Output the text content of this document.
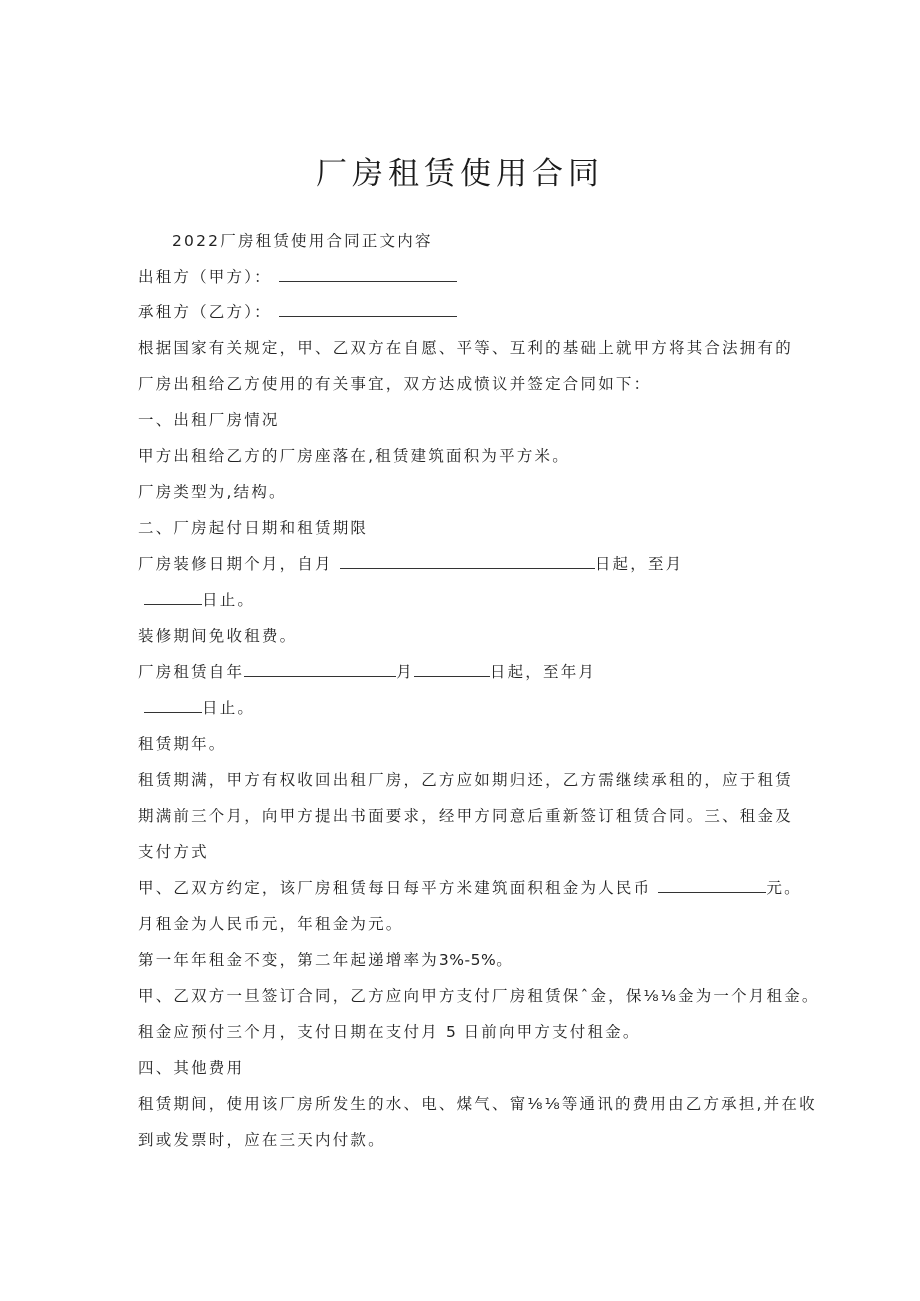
厂房租赁使用合同
2022厂房租赁使用合同正文内容
出租方（甲方）：
承租方（乙方）：
根据国家有关规定，甲、乙双方在自愿、平等、互利的基础上就甲方将其合法拥有的
厂房出租给乙方使用的有关事宜，双方达成愤议并签定合同如下：
一、出租厂房情况
甲方出租给乙方的厂房座落在,租赁建筑面积为平方米。
厂房类型为,结构。
二、厂房起付日期和租赁期限
厂房装修日期个月，自月	日起，至月
日止。
装修期间免收租费。
厂房租赁自年	月	日起，至年月
日止。
租赁期年。
租赁期满，甲方有权收回出租厂房，乙方应如期归还，乙方需继续承租的，应于租赁
期满前三个月，向甲方提出书面要求，经甲方同意后重新签订租赁合同。三、租金及
支付方式
甲、乙双方约定，该厂房租赁每日每平方米建筑面积租金为人民币	元。
月租金为人民币元，年租金为元。
第一年年租金不变，第二年起递增率为3%-5%。
甲、乙双方一旦签订合同，乙方应向甲方支付厂房租赁保ˆ金，保⅛⅛金为一个月租金。
租金应预付三个月，支付日期在支付月 5 日前向甲方支付租金。
四、其他费用
租赁期间，使用该厂房所发生的水、电、煤气、甯⅛⅛等通讯的费用由乙方承担,并在收
到或发票时，应在三天内付款。
